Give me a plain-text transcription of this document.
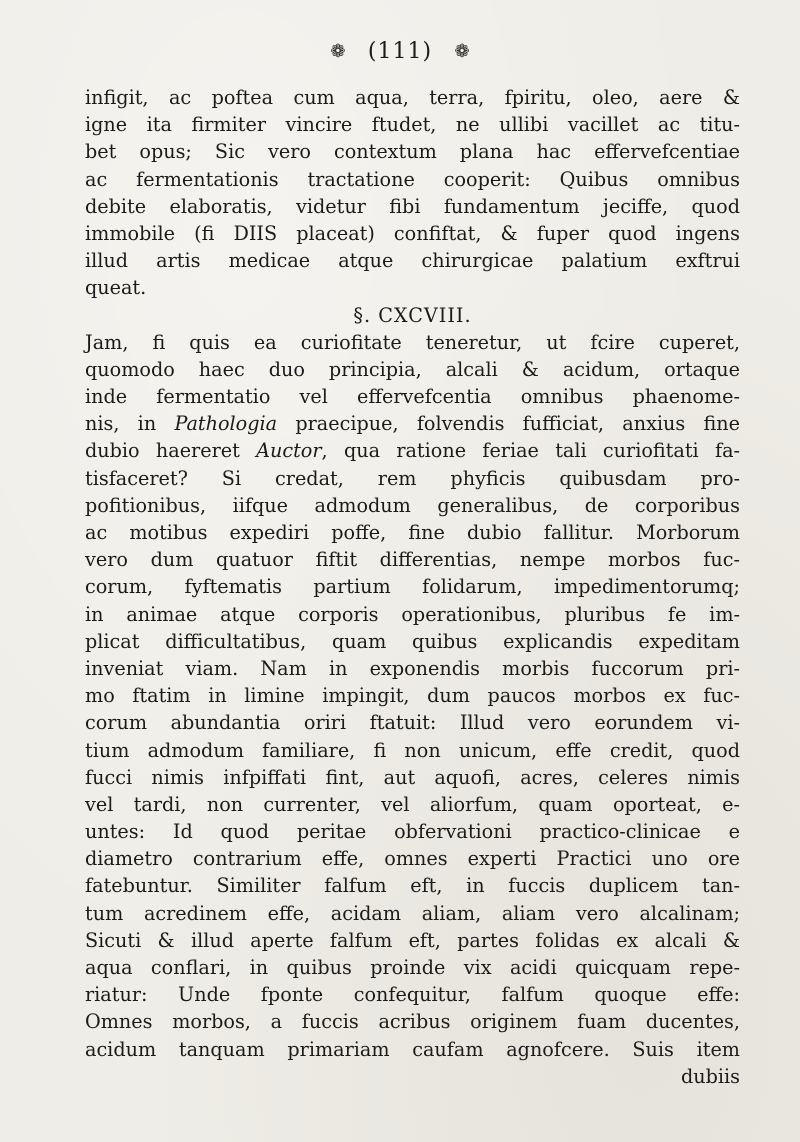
❁ (111) ❁
infigit, ac poftea cum aqua, terra, fpiritu, oleo, aere &
igne ita firmiter vincire ftudet, ne ullibi vacillet ac titu-
bet opus; Sic vero contextum plana hac effervefcentiae
ac fermentationis tractatione cooperit: Quibus omnibus
debite elaboratis, videtur fibi fundamentum jeciffe, quod
immobile (fi DIIS placeat) confiftat, & fuper quod ingens
illud artis medicae atque chirurgicae palatium exftrui
queat.
§. CXCVIII.
Jam, fi quis ea curiofitate teneretur, ut fcire cuperet,
quomodo haec duo principia, alcali & acidum, ortaque
inde fermentatio vel effervefcentia omnibus phaenome-
nis, in Pathologia praecipue, folvendis fufficiat, anxius fine
dubio haereret Auctor, qua ratione feriae tali curiofitati fa-
tisfaceret? Si credat, rem phyficis quibusdam pro-
pofitionibus, iifque admodum generalibus, de corporibus
ac motibus expediri poffe, fine dubio fallitur. Morborum
vero dum quatuor fiftit differentias, nempe morbos fuc-
corum, fyftematis partium folidarum, impedimentorumq;
in animae atque corporis operationibus, pluribus fe im-
plicat difficultatibus, quam quibus explicandis expeditam
inveniat viam. Nam in exponendis morbis fuccorum pri-
mo ftatim in limine impingit, dum paucos morbos ex fuc-
corum abundantia oriri ftatuit: Illud vero eorundem vi-
tium admodum familiare, fi non unicum, effe credit, quod
fucci nimis infpiffati fint, aut aquofi, acres, celeres nimis
vel tardi, non currenter, vel aliorfum, quam oporteat, e-
untes: Id quod peritae obfervationi practico-clinicae e
diametro contrarium effe, omnes experti Practici uno ore
fatebuntur. Similiter falfum eft, in fuccis duplicem tan-
tum acredinem effe, acidam aliam, aliam vero alcalinam;
Sicuti & illud aperte falfum eft, partes folidas ex alcali &
aqua conflari, in quibus proinde vix acidi quicquam repe-
riatur: Unde fponte confequitur, falfum quoque effe:
Omnes morbos, a fuccis acribus originem fuam ducentes,
acidum tanquam primariam caufam agnofcere. Suis item
dubiis
